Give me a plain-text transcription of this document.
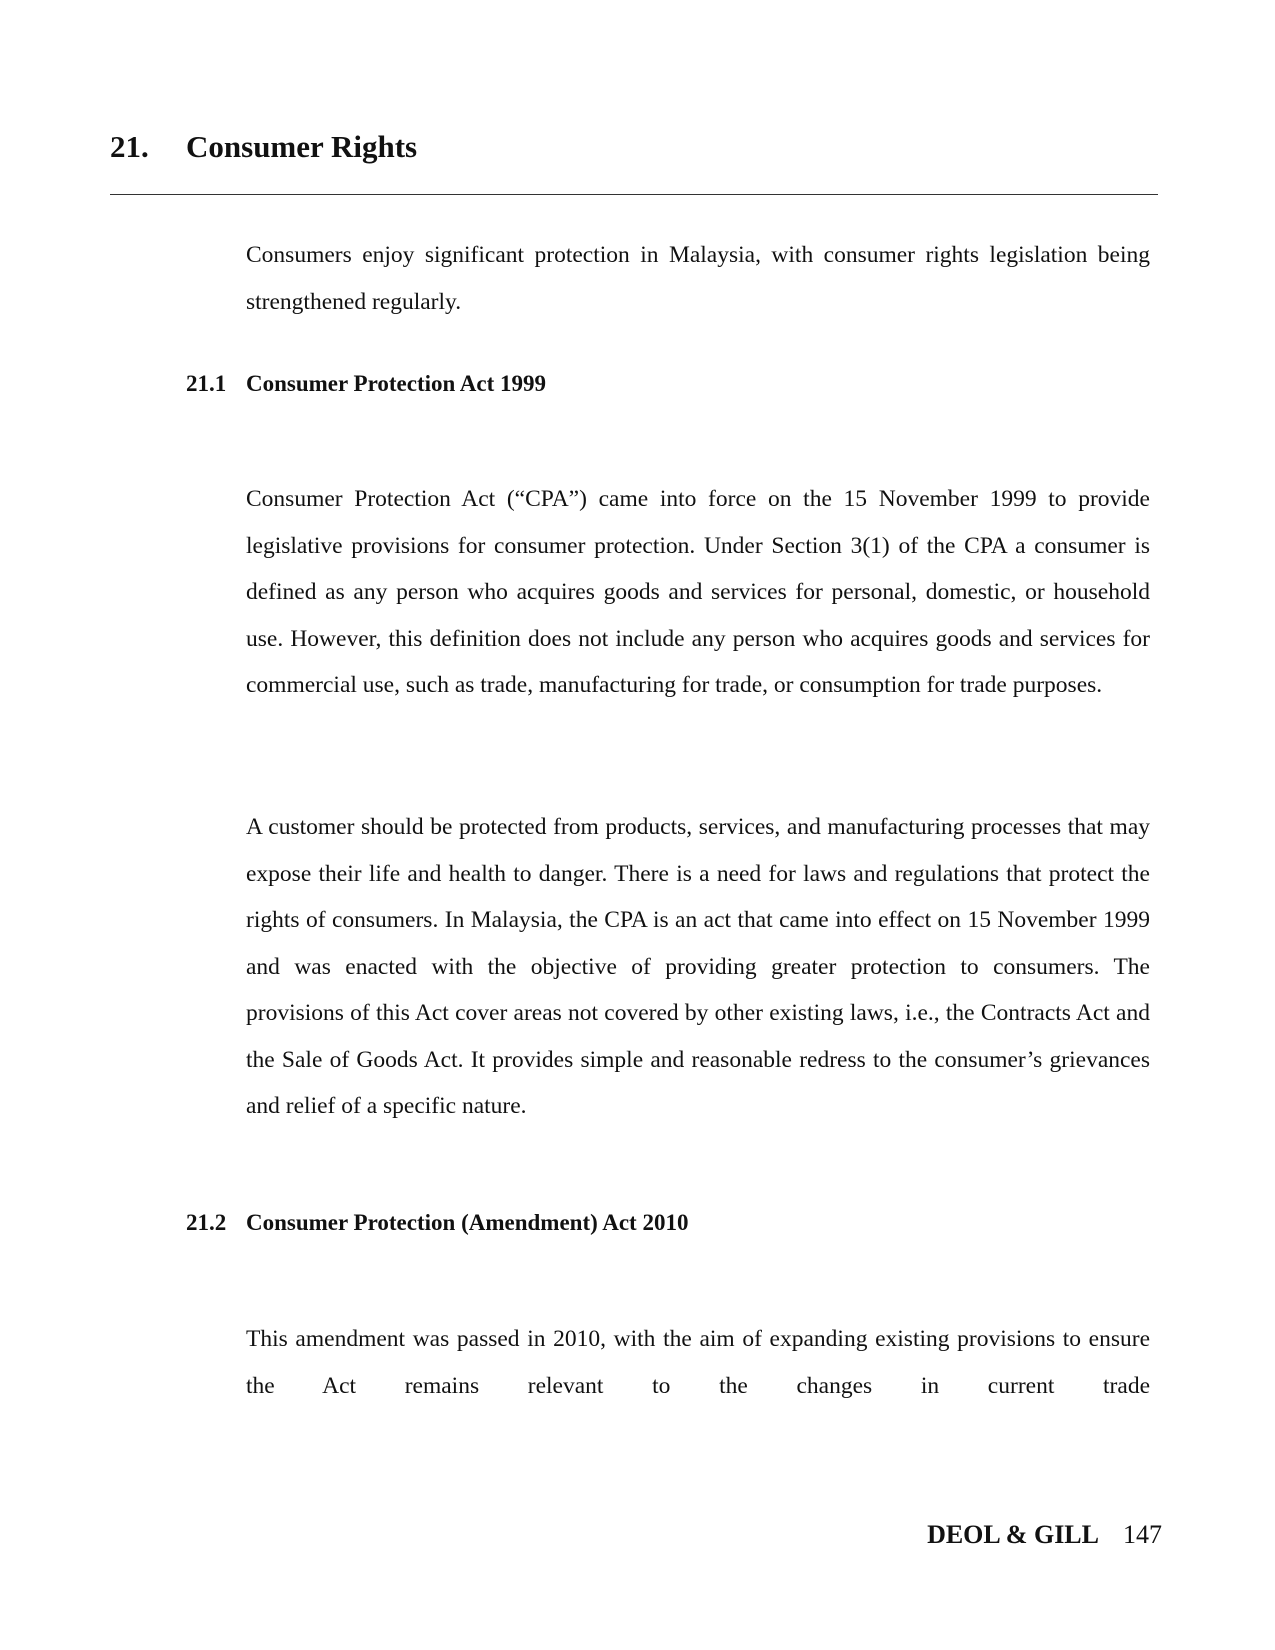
21. Consumer Rights

Consumers enjoy significant protection in Malaysia, with consumer rights legislation being strengthened regularly.

21.1 Consumer Protection Act 1999

Consumer Protection Act (“CPA”) came into force on the 15 November 1999 to provide legislative provisions for consumer protection. Under Section 3(1) of the CPA a consumer is defined as any person who acquires goods and services for personal, domestic, or household use. However, this definition does not include any person who acquires goods and services for commercial use, such as trade, manufacturing for trade, or consumption for trade purposes.

A customer should be protected from products, services, and manufacturing processes that may expose their life and health to danger. There is a need for laws and regulations that protect the rights of consumers. In Malaysia, the CPA is an act that came into effect on 15 November 1999 and was enacted with the objective of providing greater protection to consumers. The provisions of this Act cover areas not covered by other existing laws, i.e., the Contracts Act and the Sale of Goods Act. It provides simple and reasonable redress to the consumer’s grievances and relief of a specific nature.

21.2 Consumer Protection (Amendment) Act 2010

This amendment was passed in 2010, with the aim of expanding existing provisions to ensure the Act remains relevant to the changes in current trade

DEOL & GILL 147
